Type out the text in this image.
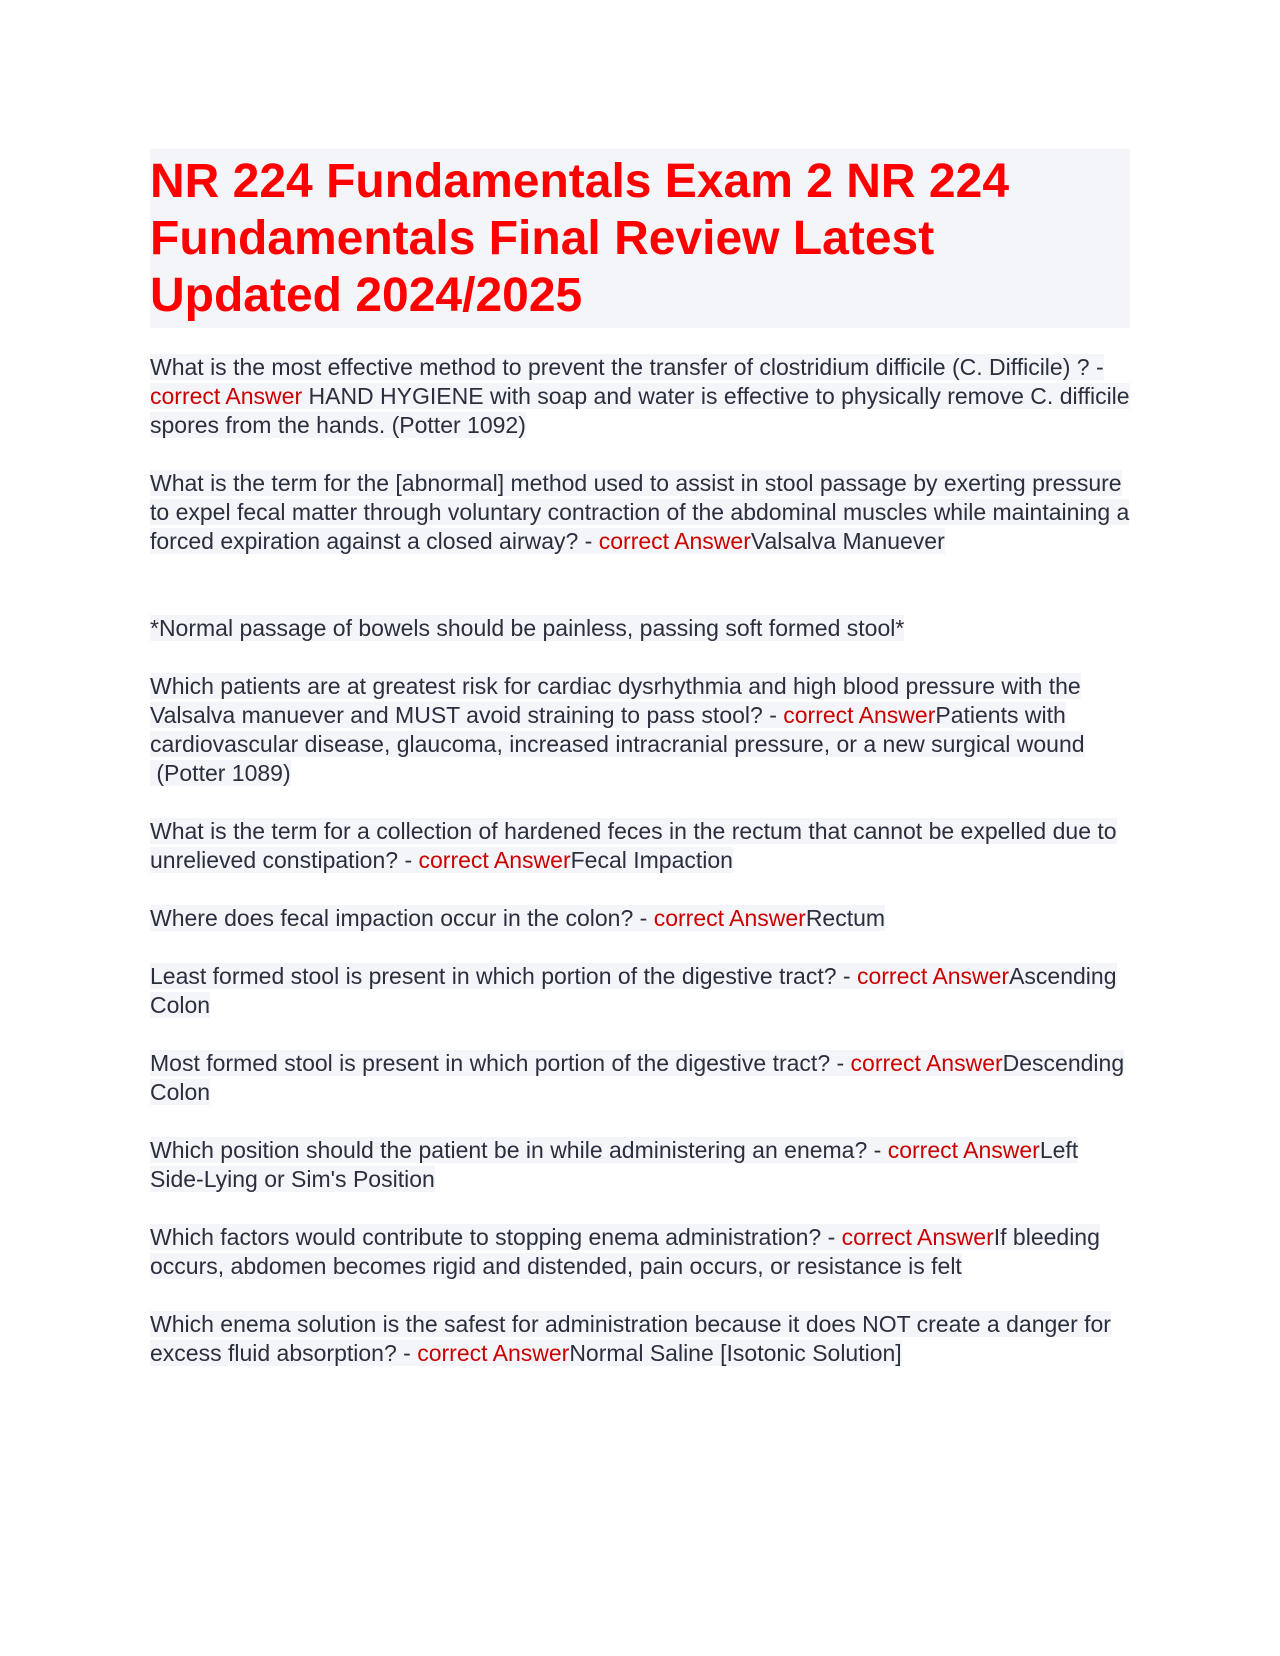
NR 224 Fundamentals Exam 2 NR 224 Fundamentals Final Review Latest Updated 2024/2025

What is the most effective method to prevent the transfer of clostridium difficile (C. Difficile) ? - correct Answer HAND HYGIENE with soap and water is effective to physically remove C. difficile spores from the hands. (Potter 1092)

What is the term for the [abnormal] method used to assist in stool passage by exerting pressure to expel fecal matter through voluntary contraction of the abdominal muscles while maintaining a forced expiration against a closed airway? - correct AnswerValsalva Manuever

*Normal passage of bowels should be painless, passing soft formed stool*

Which patients are at greatest risk for cardiac dysrhythmia and high blood pressure with the Valsalva manuever and MUST avoid straining to pass stool? - correct AnswerPatients with cardiovascular disease, glaucoma, increased intracranial pressure, or a new surgical wound
(Potter 1089)

What is the term for a collection of hardened feces in the rectum that cannot be expelled due to unrelieved constipation? - correct AnswerFecal Impaction

Where does fecal impaction occur in the colon? - correct AnswerRectum

Least formed stool is present in which portion of the digestive tract? - correct AnswerAscending Colon

Most formed stool is present in which portion of the digestive tract? - correct AnswerDescending Colon

Which position should the patient be in while administering an enema? - correct AnswerLeft Side-Lying or Sim's Position

Which factors would contribute to stopping enema administration? - correct AnswerIf bleeding occurs, abdomen becomes rigid and distended, pain occurs, or resistance is felt

Which enema solution is the safest for administration because it does NOT create a danger for excess fluid absorption? - correct AnswerNormal Saline [Isotonic Solution]
